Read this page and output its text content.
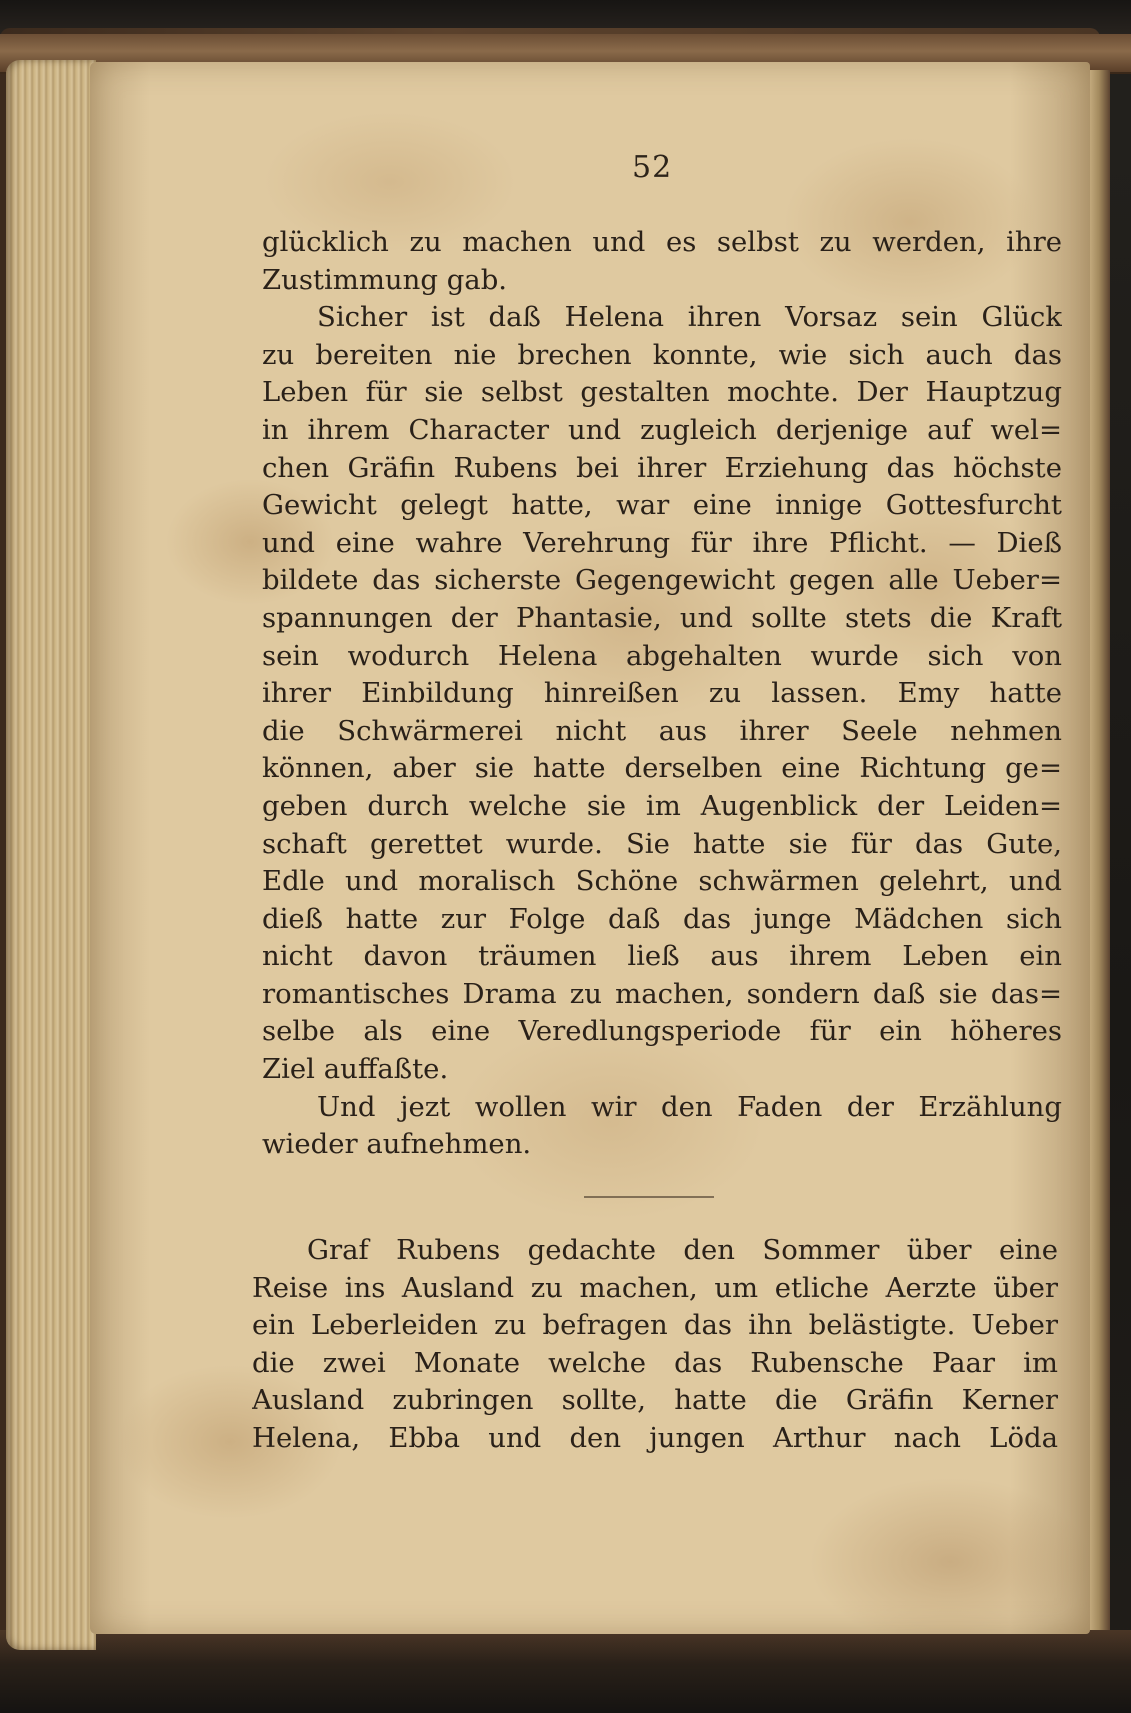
52
glücklich zu machen und es selbst zu werden, ihre
Zustimmung gab.
Sicher ist daß Helena ihren Vorsaz sein Glück
zu bereiten nie brechen konnte, wie sich auch das
Leben für sie selbst gestalten mochte. Der Hauptzug
in ihrem Character und zugleich derjenige auf wel=
chen Gräfin Rubens bei ihrer Erziehung das höchste
Gewicht gelegt hatte, war eine innige Gottesfurcht
und eine wahre Verehrung für ihre Pflicht. — Dieß
bildete das sicherste Gegengewicht gegen alle Ueber=
spannungen der Phantasie, und sollte stets die Kraft
sein wodurch Helena abgehalten wurde sich von
ihrer Einbildung hinreißen zu lassen. Emy hatte
die Schwärmerei nicht aus ihrer Seele nehmen
können, aber sie hatte derselben eine Richtung ge=
geben durch welche sie im Augenblick der Leiden=
schaft gerettet wurde. Sie hatte sie für das Gute,
Edle und moralisch Schöne schwärmen gelehrt, und
dieß hatte zur Folge daß das junge Mädchen sich
nicht davon träumen ließ aus ihrem Leben ein
romantisches Drama zu machen, sondern daß sie das=
selbe als eine Veredlungsperiode für ein höheres
Ziel auffaßte.
Und jezt wollen wir den Faden der Erzählung
wieder aufnehmen.
Graf Rubens gedachte den Sommer über eine
Reise ins Ausland zu machen, um etliche Aerzte über
ein Leberleiden zu befragen das ihn belästigte. Ueber
die zwei Monate welche das Rubensche Paar im
Ausland zubringen sollte, hatte die Gräfin Kerner
Helena, Ebba und den jungen Arthur nach Löda
